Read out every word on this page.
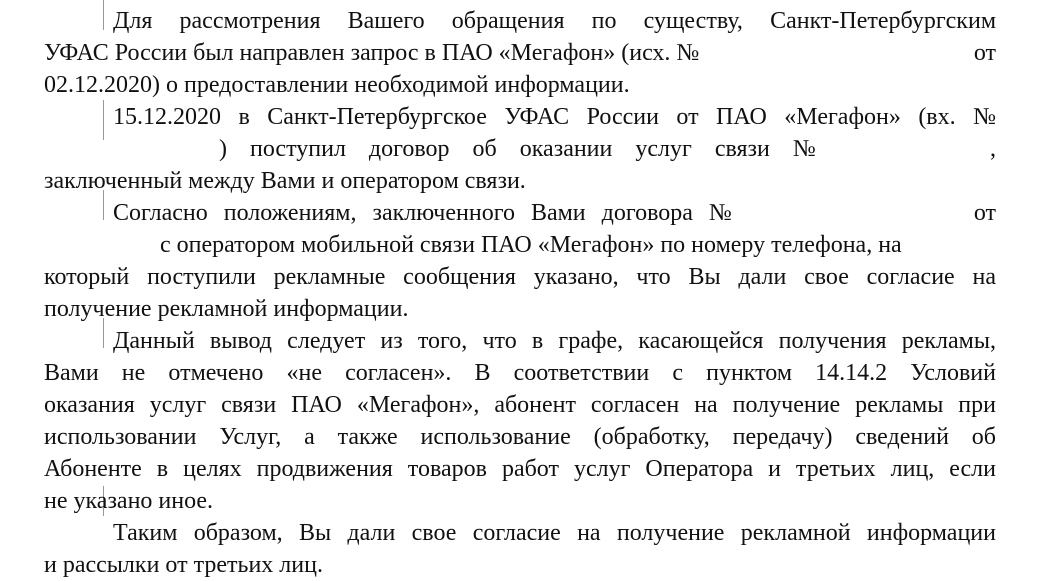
Для рассмотрения Вашего обращения по существу, Санкт-Петербургским

УФАС России был направлен запрос в ПАО «Мегафон» (исх. №	от

02.12.2020) о предоставлении необходимой информации.

15.12.2020 в Санкт-Петербургское УФАС России от ПАО «Мегафон» (вх. №

) поступил договор об оказании услуг связи №	,

заключенный между Вами и оператором связи.

Согласно положениям, заключенного Вами договора №	от

с оператором мобильной связи ПАО «Мегафон» по номеру телефона, на

который поступили рекламные сообщения указано, что Вы дали свое согласие на

получение рекламной информации.

Данный вывод следует из того, что в графе, касающейся получения рекламы,

Вами не отмечено «не согласен». В соответствии с пунктом 14.14.2 Условий

оказания услуг связи ПАО «Мегафон», абонент согласен на получение рекламы при

использовании Услуг, а также использование (обработку, передачу) сведений об

Абоненте в целях продвижения товаров работ услуг Оператора и третьих лиц, если

не указано иное.

Таким образом, Вы дали свое согласие на получение рекламной информации

и рассылки от третьих лиц.
